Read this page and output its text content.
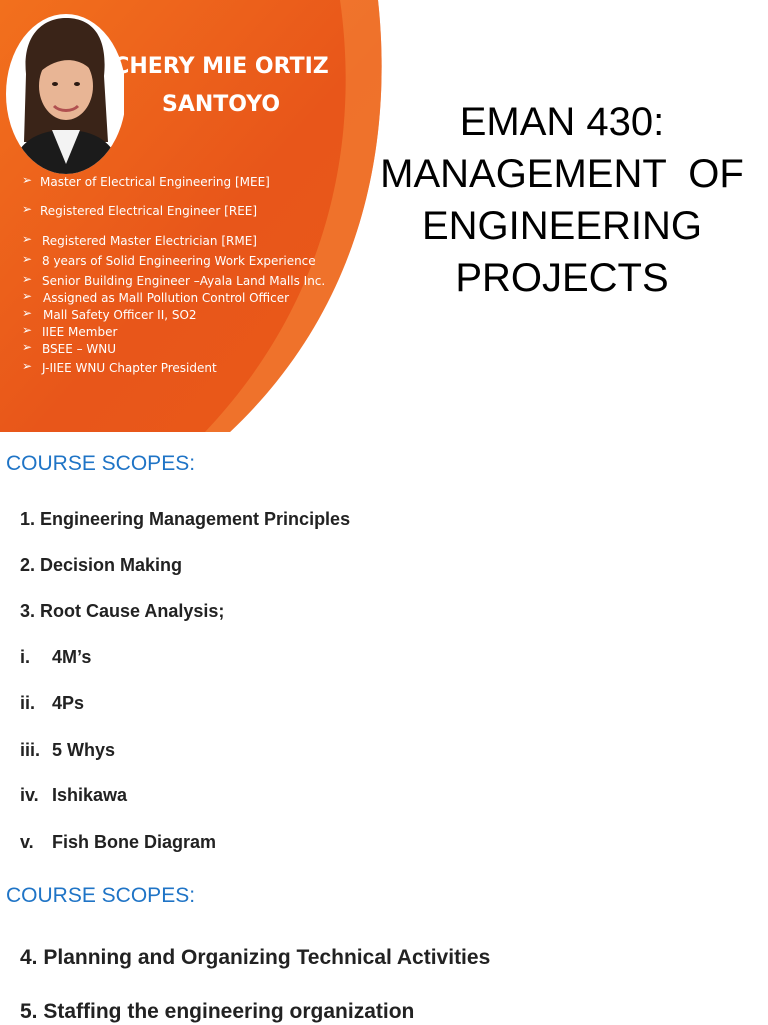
CHERY MIE ORTIZ
SANTOYO
➢ Master of Electrical Engineering [MEE]
➢ Registered Electrical Engineer [REE]
➢ Registered Master Electrician [RME]
➢ 8 years of Solid Engineering Work Experience
➢ Senior Building Engineer –Ayala Land Malls Inc.
➢ Assigned as Mall Pollution Control Officer
➢ Mall Safety Officer II, SO2
➢ IIEE Member
➢ BSEE – WNU
➢ J-IIEE WNU Chapter President
EMAN 430:
MANAGEMENT  OF
ENGINEERING
PROJECTS
COURSE SCOPES:
1. Engineering Management Principles
2. Decision Making
3. Root Cause Analysis;
i. 4M’s
ii. 4Ps
iii. 5 Whys
iv. Ishikawa
v. Fish Bone Diagram
COURSE SCOPES:
4. Planning and Organizing Technical Activities
5. Staffing the engineering organization
